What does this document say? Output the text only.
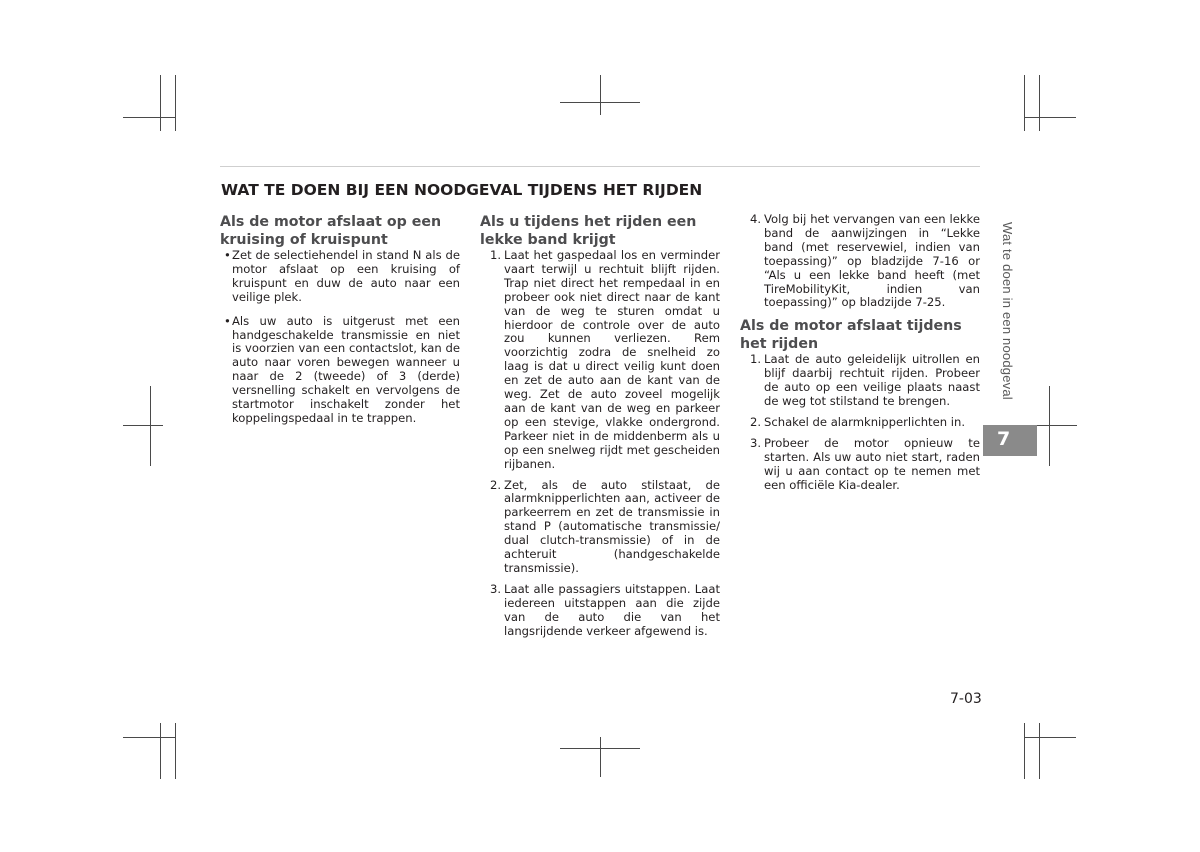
WAT TE DOEN BIJ EEN NOODGEVAL TIJDENS HET RIJDEN
Als de motor afslaat op een kruising of kruispunt
• Zet de selectiehendel in stand N als de motor afslaat op een kruising of kruispunt en duw de auto naar een veilige plek.
• Als uw auto is uitgerust met een handgeschakelde transmissie en niet is voorzien van een contactslot, kan de auto naar voren bewegen wanneer u naar de 2 (tweede) of 3 (derde) versnelling schakelt en vervolgens de startmotor inschakelt zonder het koppelingspedaal in te trappen.
Als u tijdens het rijden een lekke band krijgt
1. Laat het gaspedaal los en verminder vaart terwijl u rechtuit blijft rijden. Trap niet direct het rempedaal in en probeer ook niet direct naar de kant van de weg te sturen omdat u hierdoor de controle over de auto zou kunnen verliezen. Rem voorzichtig zodra de snelheid zo laag is dat u direct veilig kunt doen en zet de auto aan de kant van de weg. Zet de auto zoveel mogelijk aan de kant van de weg en parkeer op een stevige, vlakke ondergrond. Parkeer niet in de middenberm als u op een snelweg rijdt met gescheiden rijbanen.
2. Zet, als de auto stilstaat, de alarmknipperlichten aan, activeer de parkeerrem en zet de transmissie in stand P (automatische transmissie/ dual clutch-transmissie) of in de achteruit (handgeschakelde transmissie).
3. Laat alle passagiers uitstappen. Laat iedereen uitstappen aan die zijde van de auto die van het langsrijdende verkeer afgewend is.
4. Volg bij het vervangen van een lekke band de aanwijzingen in “Lekke band (met reservewiel, indien van toepassing)” op bladzijde 7-16 or “Als u een lekke band heeft (met TireMobilityKit, indien van toepassing)” op bladzijde 7-25.
Als de motor afslaat tijdens het rijden
1. Laat de auto geleidelijk uitrollen en blijf daarbij rechtuit rijden. Probeer de auto op een veilige plaats naast de weg tot stilstand te brengen.
2. Schakel de alarmknipperlichten in.
3. Probeer de motor opnieuw te starten. Als uw auto niet start, raden wij u aan contact op te nemen met een officiële Kia-dealer.
Wat te doen in een noodgeval
7
7-03
